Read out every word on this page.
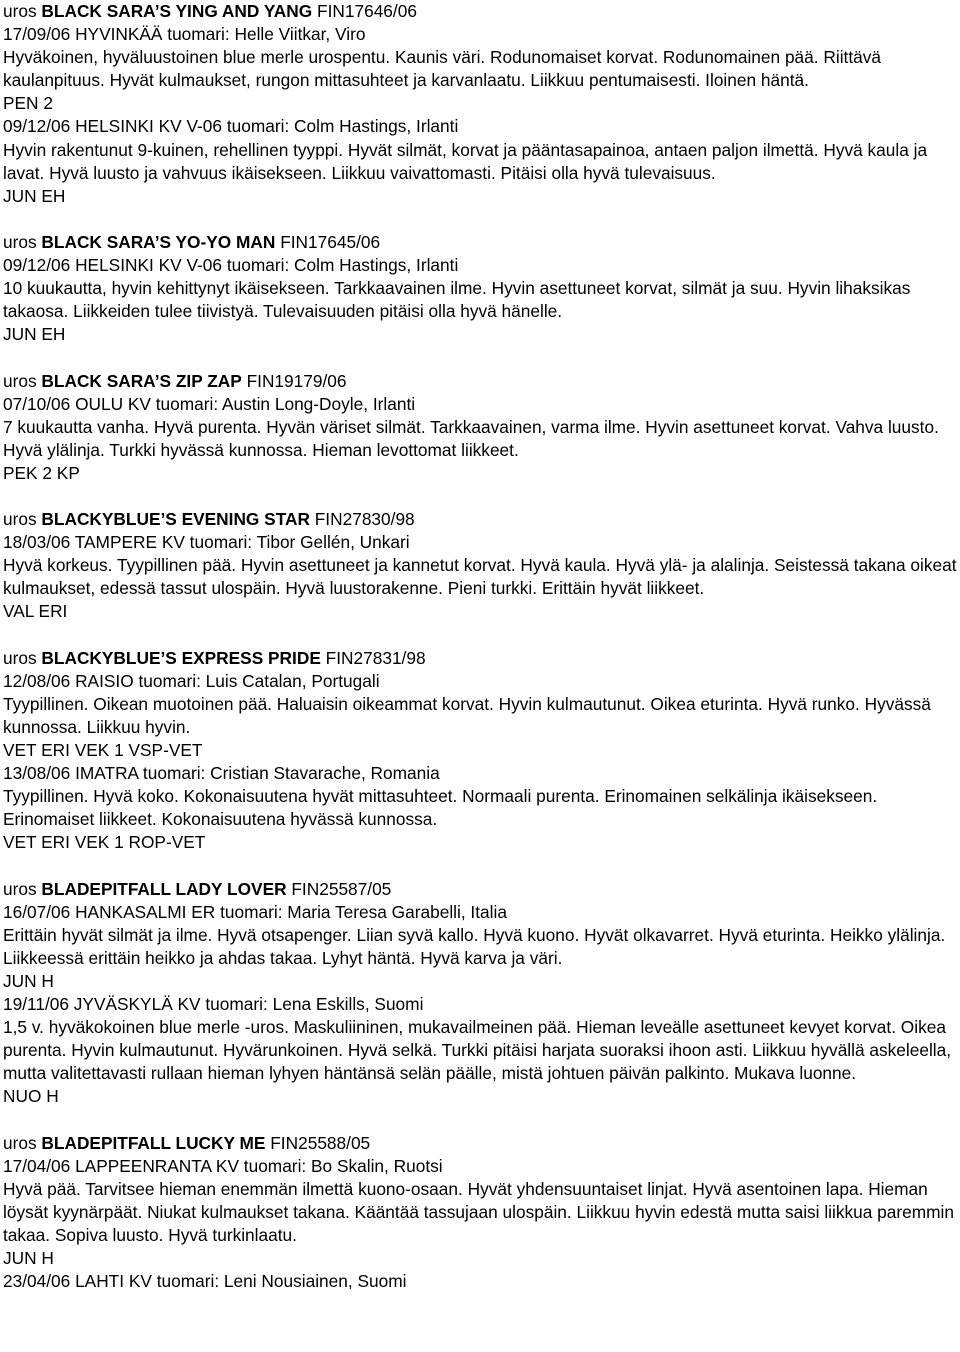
uros BLACK SARA’S YING AND YANG FIN17646/06

17/09/06 HYVINKÄÄ tuomari: Helle Viitkar, Viro

Hyväkoinen, hyväluustoinen blue merle urospentu. Kaunis väri. Rodunomaiset korvat. Rodunomainen pää. Riittävä kaulanpituus. Hyvät kulmaukset, rungon mittasuhteet ja karvanlaatu. Liikkuu pentumaisesti. Iloinen häntä.

PEN 2

09/12/06 HELSINKI KV V-06 tuomari: Colm Hastings, Irlanti

Hyvin rakentunut 9-kuinen, rehellinen tyyppi. Hyvät silmät, korvat ja pääntasapainoa, antaen paljon ilmettä. Hyvä kaula ja lavat. Hyvä luusto ja vahvuus ikäisekseen. Liikkuu vaivattomasti. Pitäisi olla hyvä tulevaisuus.

JUN EH

uros BLACK SARA’S YO-YO MAN FIN17645/06

09/12/06 HELSINKI KV V-06 tuomari: Colm Hastings, Irlanti

10 kuukautta, hyvin kehittynyt ikäisekseen. Tarkkaavainen ilme. Hyvin asettuneet korvat, silmät ja suu. Hyvin lihaksikas takaosa. Liikkeiden tulee tiivistyä. Tulevaisuuden pitäisi olla hyvä hänelle.

JUN EH

uros BLACK SARA’S ZIP ZAP FIN19179/06

07/10/06 OULU KV tuomari: Austin Long-Doyle, Irlanti

7 kuukautta vanha. Hyvä purenta. Hyvän väriset silmät. Tarkkaavainen, varma ilme. Hyvin asettuneet korvat. Vahva luusto. Hyvä ylälinja. Turkki hyvässä kunnossa. Hieman levottomat liikkeet.

PEK 2 KP

uros BLACKYBLUE’S EVENING STAR FIN27830/98

18/03/06 TAMPERE KV tuomari: Tibor Gellén, Unkari

Hyvä korkeus. Tyypillinen pää. Hyvin asettuneet ja kannetut korvat. Hyvä kaula. Hyvä ylä- ja alalinja. Seistessä takana oikeat kulmaukset, edessä tassut ulospäin. Hyvä luustorakenne. Pieni turkki. Erittäin hyvät liikkeet.

VAL ERI

uros BLACKYBLUE’S EXPRESS PRIDE FIN27831/98

12/08/06 RAISIO tuomari: Luis Catalan, Portugali

Tyypillinen. Oikean muotoinen pää. Haluaisin oikeammat korvat. Hyvin kulmautunut. Oikea eturinta. Hyvä runko. Hyvässä kunnossa. Liikkuu hyvin.

VET ERI VEK 1 VSP-VET

13/08/06 IMATRA tuomari: Cristian Stavarache, Romania

Tyypillinen. Hyvä koko. Kokonaisuutena hyvät mittasuhteet. Normaali purenta. Erinomainen selkälinja ikäisekseen. Erinomaiset liikkeet. Kokonaisuutena hyvässä kunnossa.

VET ERI VEK 1 ROP-VET

uros BLADEPITFALL LADY LOVER FIN25587/05

16/07/06 HANKASALMI ER tuomari: Maria Teresa Garabelli, Italia

Erittäin hyvät silmät ja ilme. Hyvä otsapenger. Liian syvä kallo. Hyvä kuono. Hyvät olkavarret. Hyvä eturinta. Heikko ylälinja. Liikkeessä erittäin heikko ja ahdas takaa. Lyhyt häntä. Hyvä karva ja väri.

JUN H

19/11/06 JYVÄSKYLÄ KV tuomari: Lena Eskills, Suomi

1,5 v. hyväkokoinen blue merle -uros. Maskuliininen, mukavailmeinen pää. Hieman leveälle asettuneet kevyet korvat. Oikea purenta. Hyvin kulmautunut. Hyvärunkoinen. Hyvä selkä. Turkki pitäisi harjata suoraksi ihoon asti. Liikkuu hyvällä askeleella, mutta valitettavasti rullaan hieman lyhyen häntänsä selän päälle, mistä johtuen päivän palkinto. Mukava luonne.

NUO H

uros BLADEPITFALL LUCKY ME FIN25588/05

17/04/06 LAPPEENRANTA KV tuomari: Bo Skalin, Ruotsi

Hyvä pää. Tarvitsee hieman enemmän ilmettä kuono-osaan. Hyvät yhdensuuntaiset linjat. Hyvä asentoinen lapa. Hieman löysät kyynärpäät. Niukat kulmaukset takana. Kääntää tassujaan ulospäin. Liikkuu hyvin edestä mutta saisi liikkua paremmin takaa. Sopiva luusto. Hyvä turkinlaatu.

JUN H

23/04/06 LAHTI KV tuomari: Leni Nousiainen, Suomi
